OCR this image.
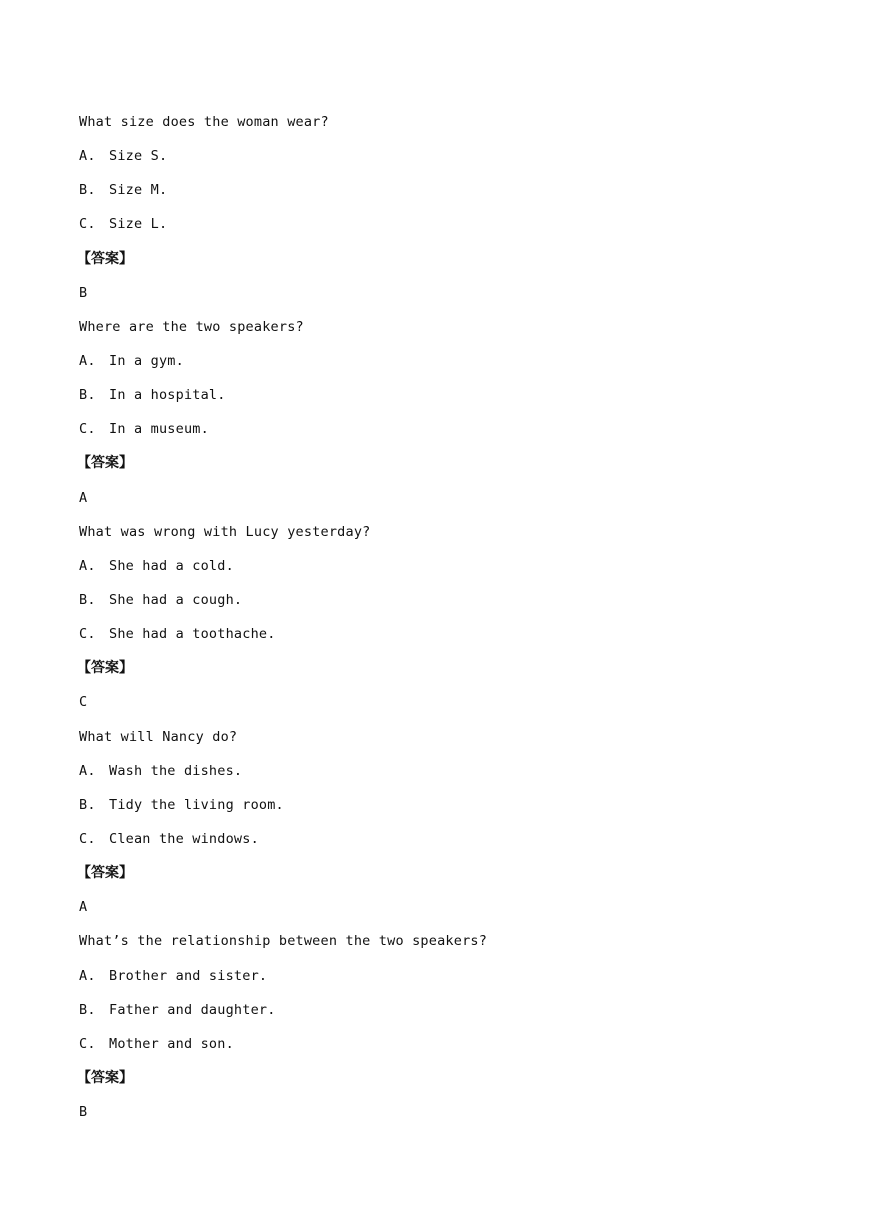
What size does the woman wear?
A. Size S.
B. Size M.
C. Size L.
【答案】
B
Where are the two speakers?
A. In a gym.
B. In a hospital.
C. In a museum.
【答案】
A
What was wrong with Lucy yesterday?
A. She had a cold.
B. She had a cough.
C. She had a toothache.
【答案】
C
What will Nancy do?
A. Wash the dishes.
B. Tidy the living room.
C. Clean the windows.
【答案】
A
What’s the relationship between the two speakers?
A. Brother and sister.
B. Father and daughter.
C. Mother and son.
【答案】
B
